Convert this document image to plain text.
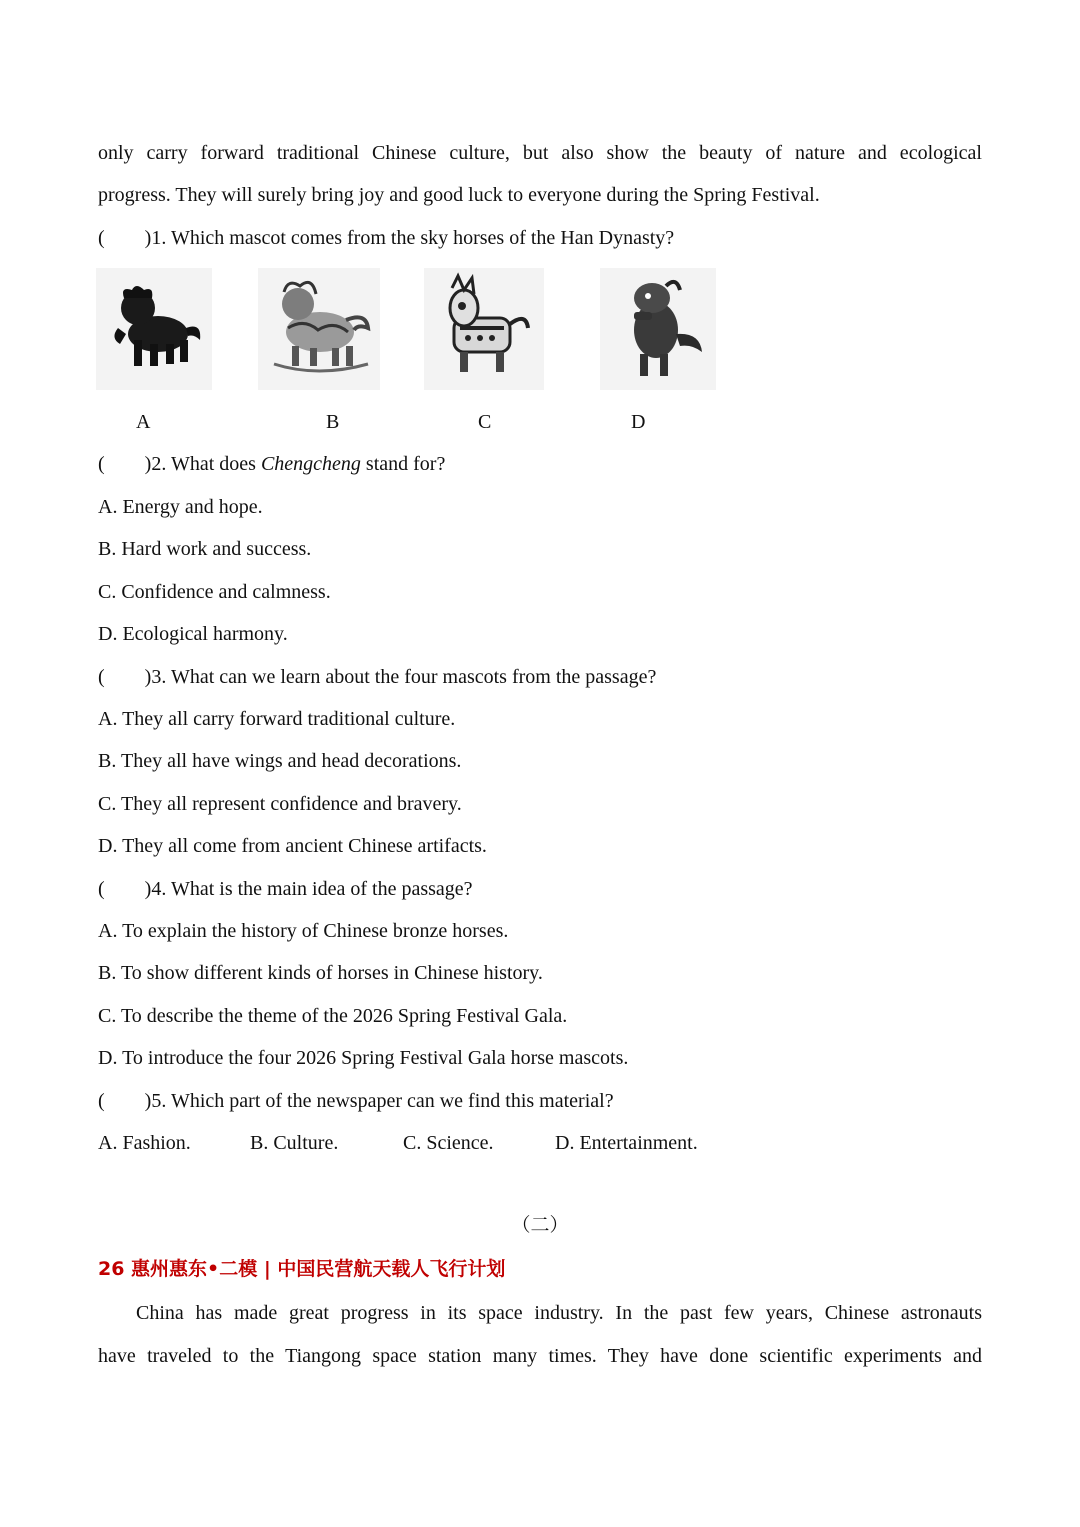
only carry forward traditional Chinese culture, but also show the beauty of nature and ecological
progress. They will surely bring joy and good luck to everyone during the Spring Festival.
(  )1. Which mascot comes from the sky horses of the Han Dynasty?
A	B	C	D
(  )2. What does Chengcheng stand for?
A. Energy and hope.
B. Hard work and success.
C. Confidence and calmness.
D. Ecological harmony.
(  )3. What can we learn about the four mascots from the passage?
A. They all carry forward traditional culture.
B. They all have wings and head decorations.
C. They all represent confidence and bravery.
D. They all come from ancient Chinese artifacts.
(  )4. What is the main idea of the passage?
A. To explain the history of Chinese bronze horses.
B. To show different kinds of horses in Chinese history.
C. To describe the theme of the 2026 Spring Festival Gala.
D. To introduce the four 2026 Spring Festival Gala horse mascots.
(  )5. Which part of the newspaper can we find this material?
A. Fashion.	B. Culture.	C. Science.	D. Entertainment.
（二）
26 惠州惠东•二模 | 中国民营航天载人飞行计划
China has made great progress in its space industry. In the past few years, Chinese astronauts
have traveled to the Tiangong space station many times. They have done scientific experiments and
